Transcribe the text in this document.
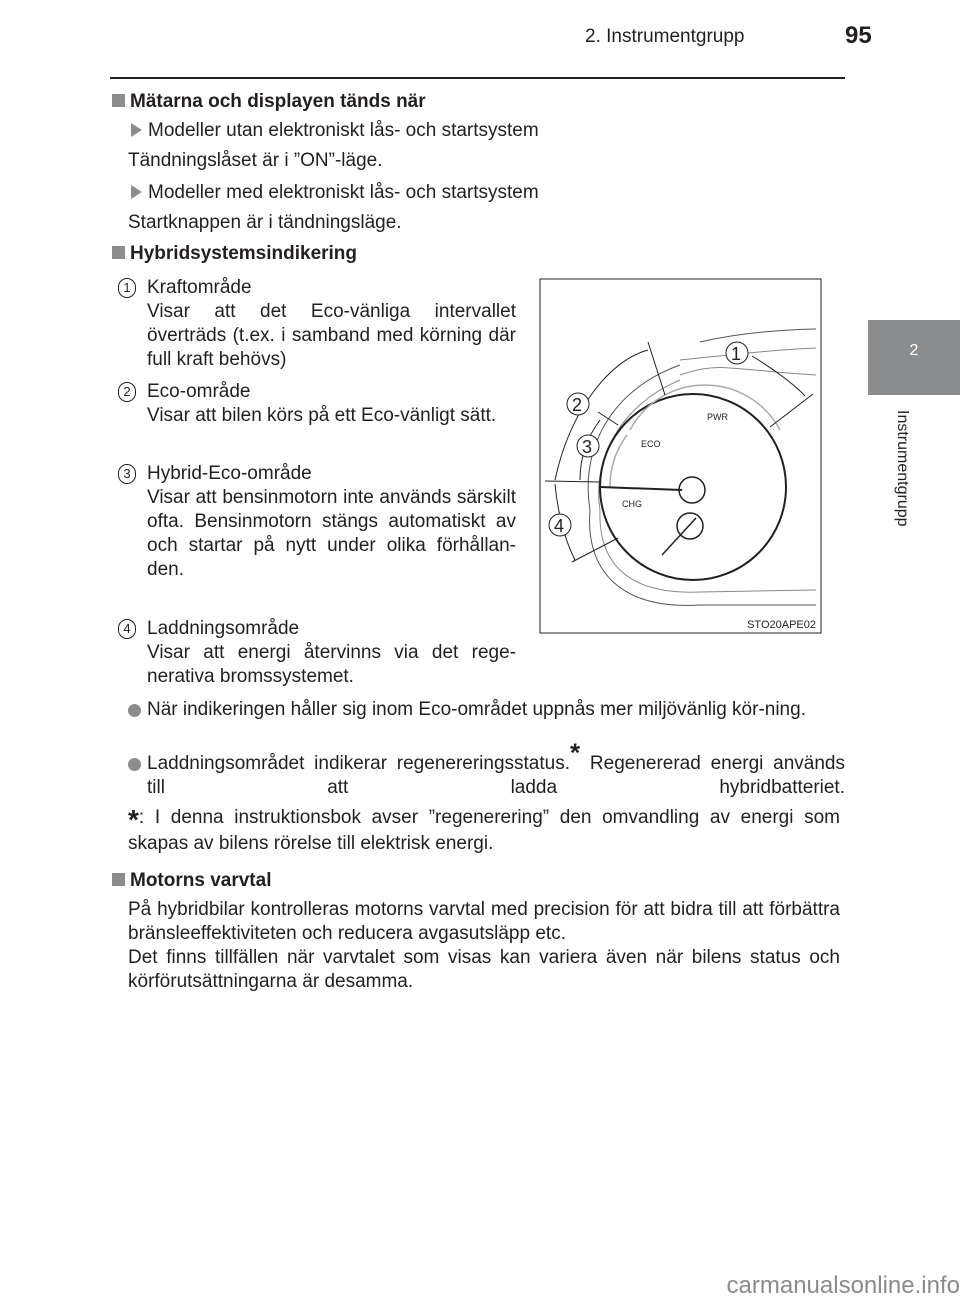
2. Instrumentgrupp	95
2
Instrumentgrupp
Mätarna och displayen tänds när
Modeller utan elektroniskt lås- och startsystem
Tändningslåset är i ”ON”-läge.
Modeller med elektroniskt lås- och startsystem
Startknappen är i tändningsläge.
Hybridsystemsindikering
1 Kraftområde
Visar att det Eco-vänliga intervallet överträds (t.ex. i samband med körning där full kraft behövs)
2 Eco-område
Visar att bilen körs på ett Eco-vänligt sätt.
3 Hybrid-Eco-område
Visar att bensinmotorn inte används särskilt ofta. Bensinmotorn stängs automatiskt av och startar på nytt under olika förhållan-den.
4 Laddningsområde
Visar att energi återvinns via det rege-nerativa bromssystemet.
ECO
PWR
CHG
1
2
3
4
STO20APE02
När indikeringen håller sig inom Eco-området uppnås mer miljövänlig kör-ning.
Laddningsområdet indikerar regenereringsstatus.* Regenererad energi används till att ladda hybridbatteriet.
*: I denna instruktionsbok avser ”regenerering” den omvandling av energi som skapas av bilens rörelse till elektrisk energi.
Motorns varvtal
På hybridbilar kontrolleras motorns varvtal med precision för att bidra till att förbättra bränsleeffektiviteten och reducera avgasutsläpp etc.
Det finns tillfällen när varvtalet som visas kan variera även när bilens status och körförutsättningarna är desamma.
carmanualsonline.info
